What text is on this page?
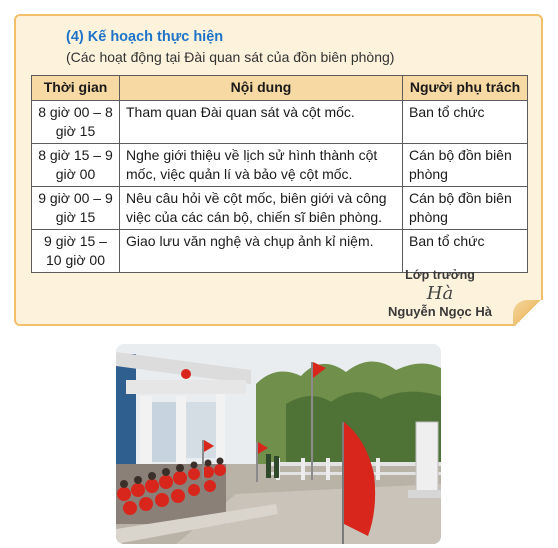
(4) Kế hoạch thực hiện
(Các hoạt động tại Đài quan sát của đồn biên phòng)
Thời gian	Nội dung	Người phụ trách
8 giờ 00 – 8 giờ 15	Tham quan Đài quan sát và cột mốc.	Ban tổ chức
8 giờ 15 – 9 giờ 00	Nghe giới thiệu về lịch sử hình thành cột mốc, việc quản lí và bảo vệ cột mốc.	Cán bộ đồn biên phòng
9 giờ 00 – 9 giờ 15	Nêu câu hỏi về cột mốc, biên giới và công việc của các cán bộ, chiến sĩ biên phòng.	Cán bộ đồn biên phòng
9 giờ 15 – 10 giờ 00	Giao lưu văn nghệ và chụp ảnh kỉ niệm.	Ban tổ chức
Lớp trưởng
Hà
Nguyễn Ngọc Hà
